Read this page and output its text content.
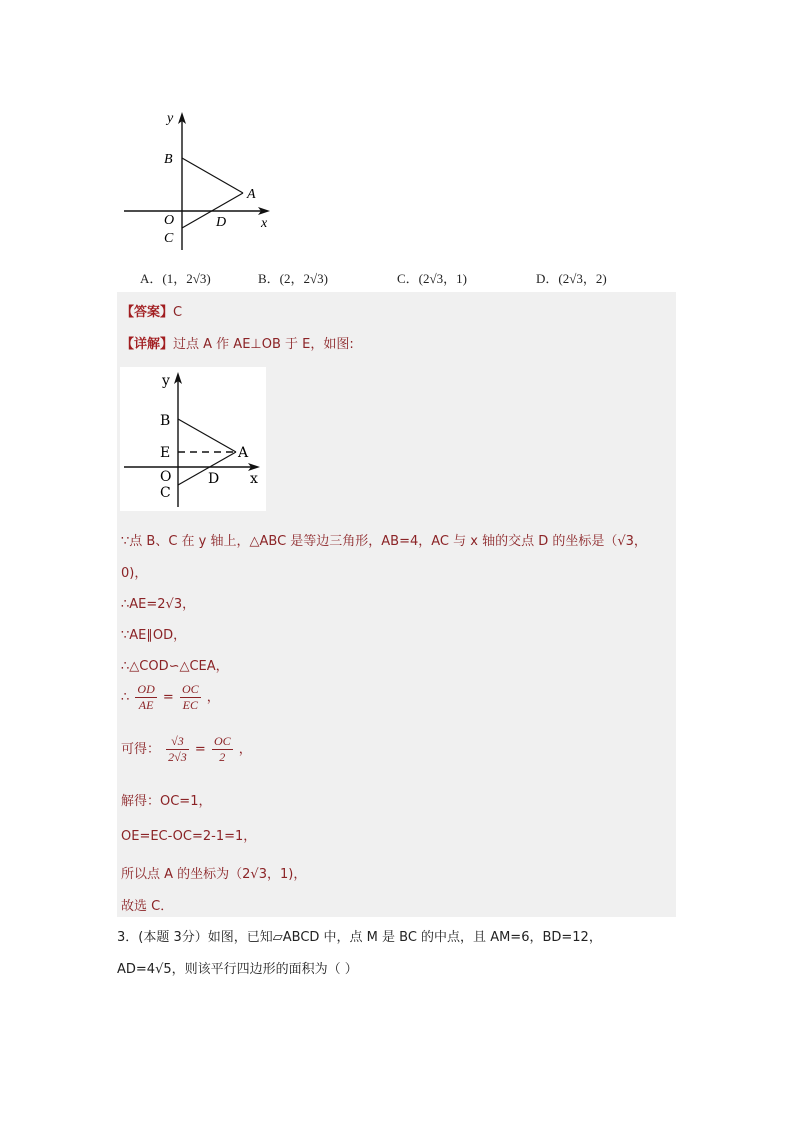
y
x
B
A
O	D
C
A．(1，2√3)	B．(2，2√3)	C．(2√3，1)	D．(2√3，2)
【答案】C
【详解】过点 A 作 AE⊥OB 于 E，如图:
y
x
B
E	A
O	D
C
∵点 B、C 在 y 轴上，△ABC 是等边三角形，AB=4，AC 与 x 轴的交点 D 的坐标是（√3，
0)，
∴AE=2√3，
∵AE∥OD，
∴△COD∽△CEA，
∴ $\frac{OD}{AE} = \frac{OC}{EC}$ ，
可得： $\frac{√3}{2√3} = \frac{OC}{2}$ ，
解得：OC=1，
OE=EC-OC=2-1=1，
所以点 A 的坐标为（2√3，1)，
故选 C．
3．(本题 3分）如图，已知▱ABCD 中，点 M 是 BC 的中点，且 AM=6，BD=12，
AD=4√5，则该平行四边形的面积为（ ）
